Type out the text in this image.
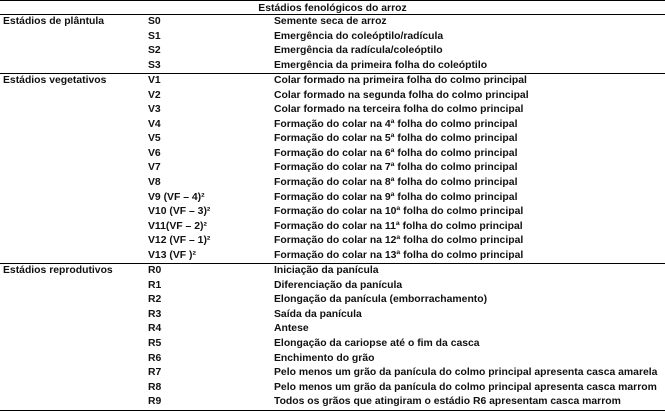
Estádios fenológicos do arroz
Estádios de plântula	S0	Semente seca de arroz
S1	Emergência do coleóptilo/radícula
S2	Emergência da radícula/coleóptilo
S3	Emergência da primeira folha do coleóptilo
Estádios vegetativos	V1	Colar formado na primeira folha do colmo principal
V2	Colar formado na segunda folha do colmo principal
V3	Colar formado na terceira folha do colmo principal
V4	Formação do colar na 4ª folha do colmo principal
V5	Formação do colar na 5ª folha do colmo principal
V6	Formação do colar na 6ª folha do colmo principal
V7	Formação do colar na 7ª folha do colmo principal
V8	Formação do colar na 8ª folha do colmo principal
V9 (VF – 4)²	Formação do colar na 9ª folha do colmo principal
V10 (VF – 3)²	Formação do colar na 10ª folha do colmo principal
V11(VF – 2)²	Formação do colar na 11ª folha do colmo principal
V12 (VF – 1)²	Formação do colar na 12ª folha do colmo principal
V13 (VF )²	Formação do colar na 13ª folha do colmo principal
Estádios reprodutivos	R0	Iniciação da panícula
R1	Diferenciação da panícula
R2	Elongação da panícula (emborrachamento)
R3	Saída da panícula
R4	Antese
R5	Elongação da cariopse até o fim da casca
R6	Enchimento do grão
R7	Pelo menos um grão da panícula do colmo principal apresenta casca amarela
R8	Pelo menos um grão da panícula do colmo principal apresenta casca marrom
R9	Todos os grãos que atingiram o estádio R6 apresentam casca marrom
